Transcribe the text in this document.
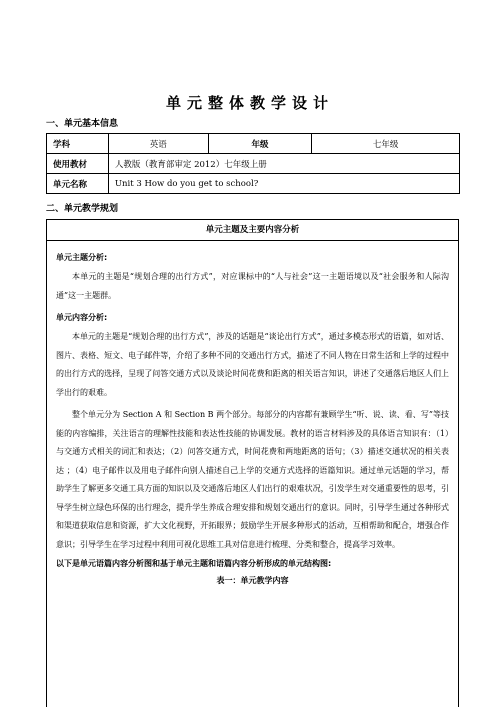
单元整体教学设计
一、单元基本信息
学科	英语	年级	七年级
使用教材	人教版（教育部审定 2012）七年级上册		
单元名称	Unit 3 How do you get to school?		
二、单元教学规划
单元主题及主要内容分析
单元主题分析:

本单元的主题是“规划合理的出行方式”，对应课标中的“人与社会”这一主题语境以及“社会服务和人际沟通”这一主题群。

单元内容分析:

本单元的主题是“规划合理的出行方式”，涉及的话题是“谈论出行方式”，通过多模态形式的语篇，如对话、图片、表格、短文、电子邮件等，介绍了多种不同的交通出行方式，描述了不同人物在日常生活和上学的过程中的出行方式的选择，呈现了问答交通方式以及谈论时间花费和距离的相关语言知识，讲述了交通落后地区人们上学出行的艰难。

整个单元分为 Section A 和 Section B 两个部分。每部分的内容都有兼顾学生“听、说、读、看、写”等技能的内容编排，关注语言的理解性技能和表达性技能的协调发展。教材的语言材料涉及的具体语言知识有：（1）与交通方式相关的词汇和表达；（2）问答交通方式，时间花费和两地距离的语句；（3）描述交通状况的相关表达 ；（4）电子邮件以及用电子邮件向别人描述自己上学的交通方式选择的语篇知识。通过单元话题的学习，帮助学生了解更多交通工具方面的知识以及交通落后地区人们出行的艰难状况，引发学生对交通重要性的思考，引导学生树立绿色环保的出行理念，提升学生养成合理安排和规划交通出行的意识。同时，引导学生通过各种形式和渠道获取信息和资源，扩大文化视野，开拓眼界；鼓励学生开展多种形式的活动，互相帮助和配合，增强合作意识；引导学生在学习过程中利用可视化思维工具对信息进行梳理、分类和整合，提高学习效率。

以下是单元语篇内容分析图和基于单元主题和语篇内容分析形成的单元结构图:
表一：单元教学内容
